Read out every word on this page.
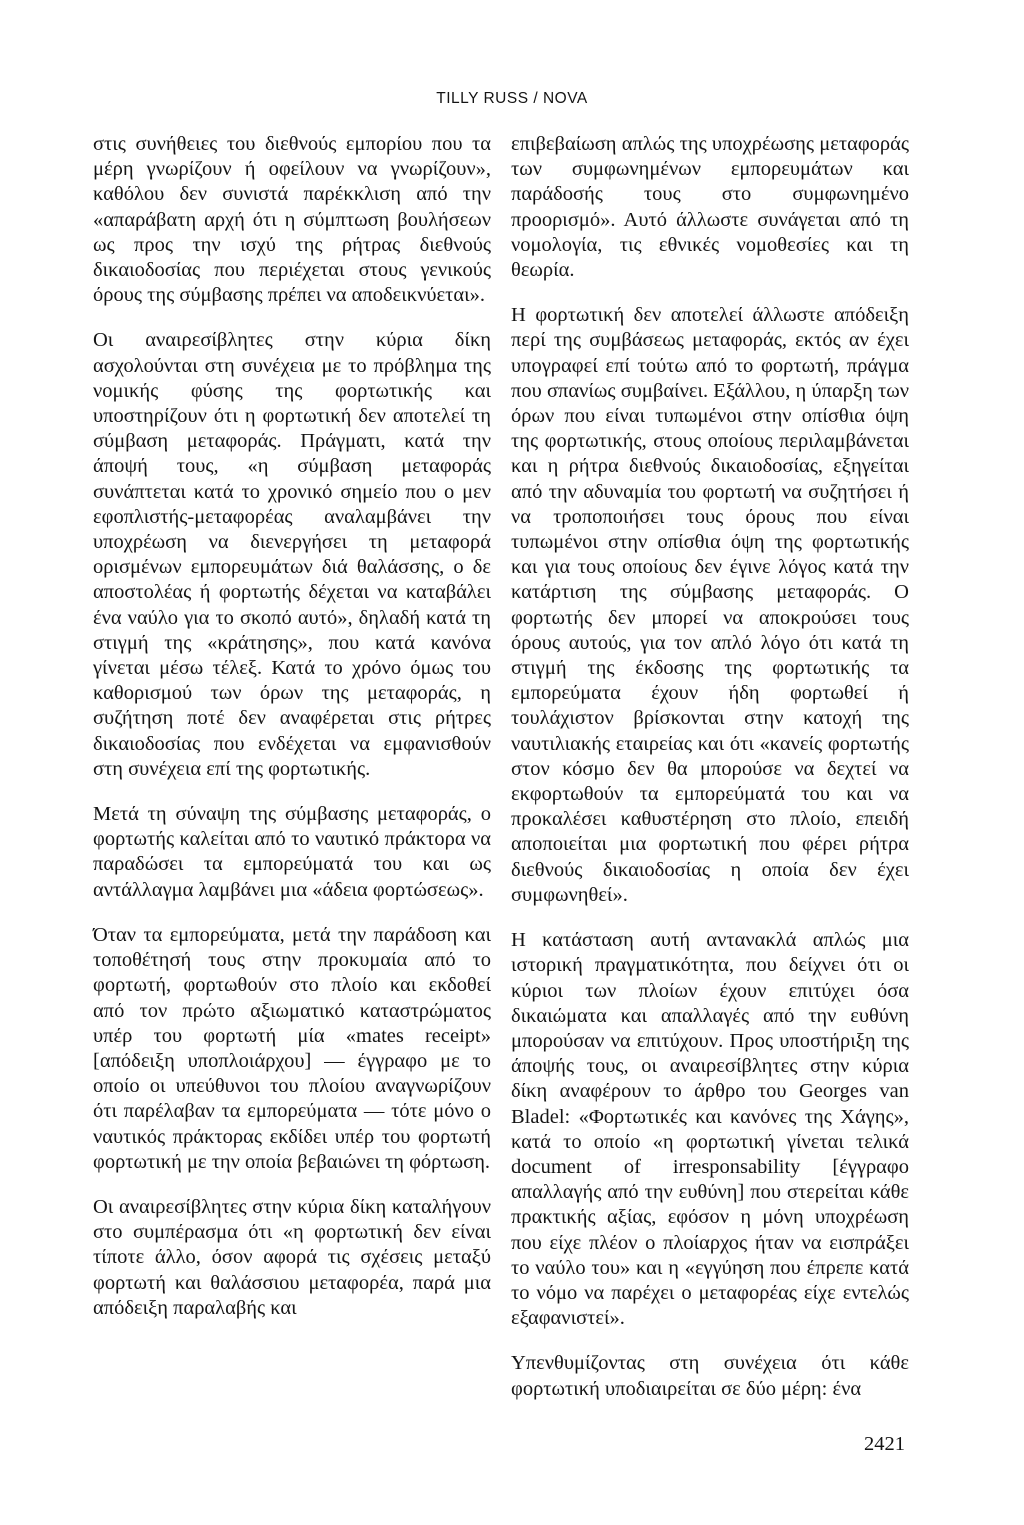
TILLY RUSS / NOVA

στις συνήθειες του διεθνούς εμπορίου που τα μέρη γνωρίζουν ή οφείλουν να γνωρίζουν», καθόλου δεν συνιστά παρέκκλιση από την «απαράβατη αρχή ότι η σύμπτωση βουλήσεων ως προς την ισχύ της ρήτρας διεθνούς δικαιοδοσίας που περιέχεται στους γενικούς όρους της σύμβασης πρέπει να αποδεικνύεται».

Οι αναιρεσίβλητες στην κύρια δίκη ασχολούνται στη συνέχεια με το πρόβλημα της νομικής φύσης της φορτωτικής και υποστηρίζουν ότι η φορτωτική δεν αποτελεί τη σύμβαση μεταφοράς. Πράγματι, κατά την άποψή τους, «η σύμβαση μεταφοράς συνάπτεται κατά το χρονικό σημείο που ο μεν εφοπλιστής-μεταφορέας αναλαμβάνει την υποχρέωση να διενεργήσει τη μεταφορά ορισμένων εμπορευμάτων διά θαλάσσης, ο δε αποστολέας ή φορτωτής δέχεται να καταβάλει ένα ναύλο για το σκοπό αυτό», δηλαδή κατά τη στιγμή της «κράτησης», που κατά κανόνα γίνεται μέσω τέλεξ. Κατά το χρόνο όμως του καθορισμού των όρων της μεταφοράς, η συζήτηση ποτέ δεν αναφέρεται στις ρήτρες δικαιοδοσίας που ενδέχεται να εμφανισθούν στη συνέχεια επί της φορτωτικής.

Μετά τη σύναψη της σύμβασης μεταφοράς, ο φορτωτής καλείται από το ναυτικό πράκτορα να παραδώσει τα εμπορεύματά του και ως αντάλλαγμα λαμβάνει μια «άδεια φορτώσεως».

Όταν τα εμπορεύματα, μετά την παράδοση και τοποθέτησή τους στην προκυμαία από το φορτωτή, φορτωθούν στο πλοίο και εκδοθεί από τον πρώτο αξιωματικό καταστρώματος υπέρ του φορτωτή μία «mates receipt» [απόδειξη υποπλοιάρχου] — έγγραφο με το οποίο οι υπεύθυνοι του πλοίου αναγνωρίζουν ότι παρέλαβαν τα εμπορεύματα — τότε μόνο ο ναυτικός πράκτορας εκδίδει υπέρ του φορτωτή φορτωτική με την οποία βεβαιώνει τη φόρτωση.

Οι αναιρεσίβλητες στην κύρια δίκη καταλήγουν στο συμπέρασμα ότι «η φορτωτική δεν είναι τίποτε άλλο, όσον αφορά τις σχέσεις μεταξύ φορτωτή και θαλάσσιου μεταφορέα, παρά μια απόδειξη παραλαβής και

επιβεβαίωση απλώς της υποχρέωσης μεταφοράς των συμφωνημένων εμπορευμάτων και παράδοσής τους στο συμφωνημένο προορισμό». Αυτό άλλωστε συνάγεται από τη νομολογία, τις εθνικές νομοθεσίες και τη θεωρία.

Η φορτωτική δεν αποτελεί άλλωστε απόδειξη περί της συμβάσεως μεταφοράς, εκτός αν έχει υπογραφεί επί τούτω από το φορτωτή, πράγμα που σπανίως συμβαίνει. Εξάλλου, η ύπαρξη των όρων που είναι τυπωμένοι στην οπίσθια όψη της φορτωτικής, στους οποίους περιλαμβάνεται και η ρήτρα διεθνούς δικαιοδοσίας, εξηγείται από την αδυναμία του φορτωτή να συζητήσει ή να τροποποιήσει τους όρους που είναι τυπωμένοι στην οπίσθια όψη της φορτωτικής και για τους οποίους δεν έγινε λόγος κατά την κατάρτιση της σύμβασης μεταφοράς. Ο φορτωτής δεν μπορεί να αποκρούσει τους όρους αυτούς, για τον απλό λόγο ότι κατά τη στιγμή της έκδοσης της φορτωτικής τα εμπορεύματα έχουν ήδη φορτωθεί ή τουλάχιστον βρίσκονται στην κατοχή της ναυτιλιακής εταιρείας και ότι «κανείς φορτωτής στον κόσμο δεν θα μπορούσε να δεχτεί να εκφορτωθούν τα εμπορεύματά του και να προκαλέσει καθυστέρηση στο πλοίο, επειδή αποποιείται μια φορτωτική που φέρει ρήτρα διεθνούς δικαιοδοσίας η οποία δεν έχει συμφωνηθεί».

Η κατάσταση αυτή αντανακλά απλώς μια ιστορική πραγματικότητα, που δείχνει ότι οι κύριοι των πλοίων έχουν επιτύχει όσα δικαιώματα και απαλλαγές από την ευθύνη μπορούσαν να επιτύχουν. Προς υποστήριξη της άποψής τους, οι αναιρεσίβλητες στην κύρια δίκη αναφέρουν το άρθρο του Georges van Bladel: «Φορτωτικές και κανόνες της Χάγης», κατά το οποίο «η φορτωτική γίνεται τελικά document of irresponsability [έγγραφο απαλλαγής από την ευθύνη] που στερείται κάθε πρακτικής αξίας, εφόσον η μόνη υποχρέωση που είχε πλέον ο πλοίαρχος ήταν να εισπράξει το ναύλο του» και η «εγγύηση που έπρεπε κατά το νόμο να παρέχει ο μεταφορέας είχε εντελώς εξαφανιστεί».

Υπενθυμίζοντας στη συνέχεια ότι κάθε φορτωτική υποδιαιρείται σε δύο μέρη: ένα

2421
